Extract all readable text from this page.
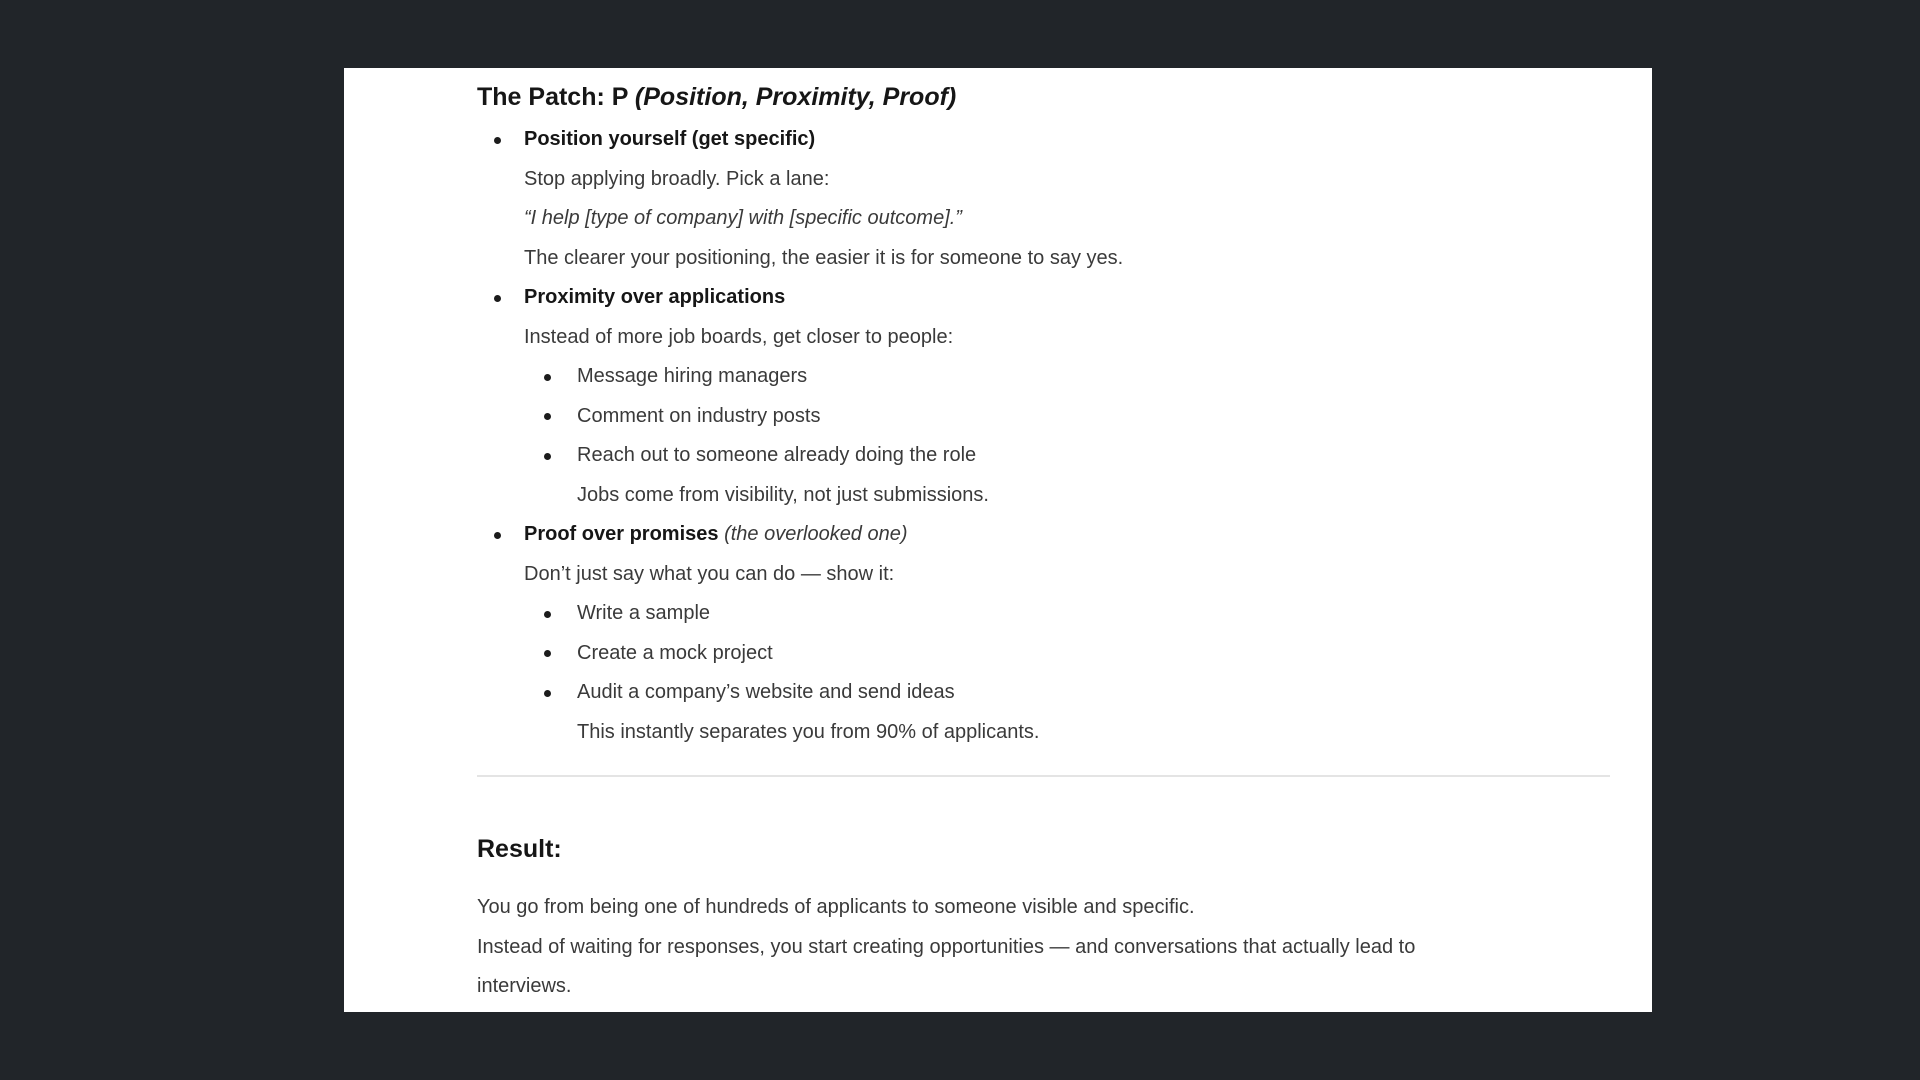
The Patch: P (Position, Proximity, Proof)
Position yourself (get specific)
Stop applying broadly. Pick a lane:
“I help [type of company] with [specific outcome].”
The clearer your positioning, the easier it is for someone to say yes.
Proximity over applications
Instead of more job boards, get closer to people:
Message hiring managers
Comment on industry posts
Reach out to someone already doing the role
Jobs come from visibility, not just submissions.
Proof over promises (the overlooked one)
Don’t just say what you can do — show it:
Write a sample
Create a mock project
Audit a company’s website and send ideas
This instantly separates you from 90% of applicants.
Result:
You go from being one of hundreds of applicants to someone visible and specific.
Instead of waiting for responses, you start creating opportunities — and conversations that actually lead to
interviews.
